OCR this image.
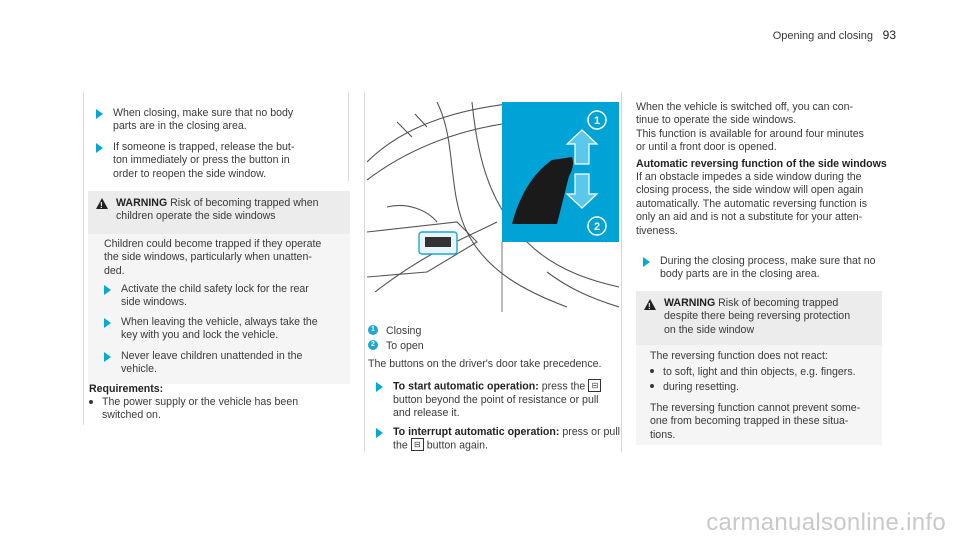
Opening and closing 93
When closing, make sure that no body
parts are in the closing area.
If someone is trapped, release the but-
ton immediately or press the button in
order to reopen the side window.
!
WARNING Risk of becoming trapped when
children operate the side windows
Children could become trapped if they operate
the side windows, particularly when unatten-
ded.
Activate the child safety lock for the rear
side windows.
When leaving the vehicle, always take the
key with you and lock the vehicle.
Never leave children unattended in the
vehicle.
Requirements:
The power supply or the vehicle has been
switched on.
1
2
1 Closing
2 To open
The buttons on the driver's door take precedence.
To start automatic operation: press the ⊟
button beyond the point of resistance or pull
and release it.
To interrupt automatic operation: press or pull
the ⊟ button again.
When the vehicle is switched off, you can con-
tinue to operate the side windows.
This function is available for around four minutes
or until a front door is opened.
Automatic reversing function of the side windows
If an obstacle impedes a side window during the
closing process, the side window will open again
automatically. The automatic reversing function is
only an aid and is not a substitute for your atten-
tiveness.
During the closing process, make sure that no
body parts are in the closing area.
!
WARNING Risk of becoming trapped
despite there being reversing protection
on the side window
The reversing function does not react:
to soft, light and thin objects, e.g. fingers.
during resetting.
The reversing function cannot prevent some-
one from becoming trapped in these situa-
tions.
carmanualsonline.info
